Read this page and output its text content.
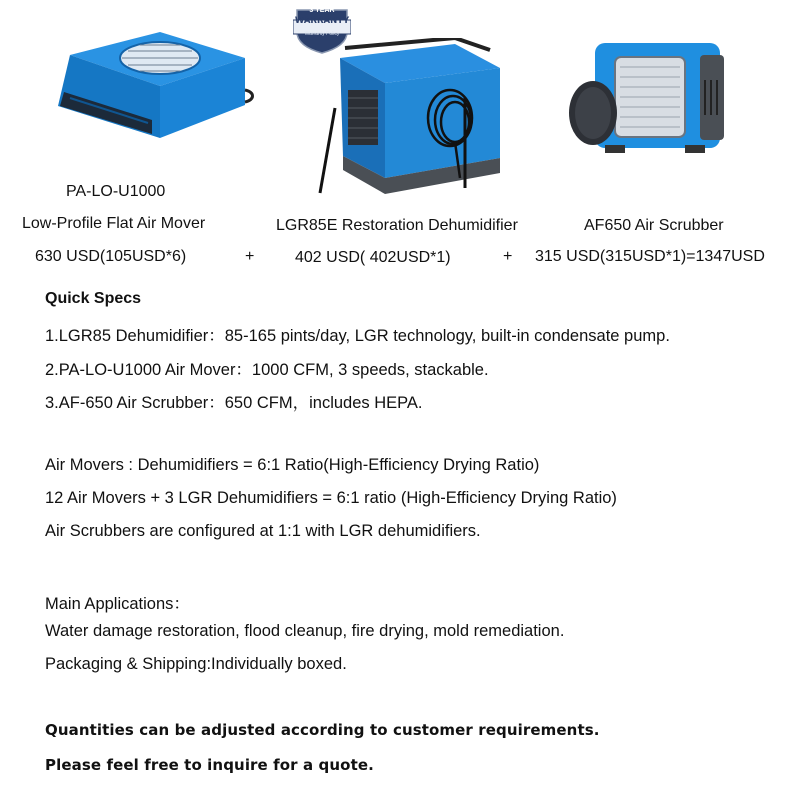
3 YEAR
WARRANTY
Warranty Policy
PA-LO-U1000
Low-Profile Flat Air Mover	LGR85E Restoration Dehumidifier	AF650 Air Scrubber
630 USD(105USD*6)	+	402 USD( 402USD*1)	+ 315 USD(315USD*1)=1347USD
Quick Specs
1.LGR85 Dehumidifier：85-165 pints/day, LGR technology, built-in condensate pump.
2.PA-LO-U1000 Air Mover：1000 CFM, 3 speeds, stackable.
3.AF-650 Air Scrubber：650 CFM，includes HEPA.
Air Movers : Dehumidifiers = 6:1 Ratio(High-Efficiency Drying Ratio)
12 Air Movers + 3 LGR Dehumidifiers = 6:1 ratio (High-Efficiency Drying Ratio)
Air Scrubbers are configured at 1:1 with LGR dehumidifiers.
Main Applications：
Water damage restoration, flood cleanup, fire drying, mold remediation.
Packaging & Shipping:Individually boxed.
Quantities can be adjusted according to customer requirements.
Please feel free to inquire for a quote.
